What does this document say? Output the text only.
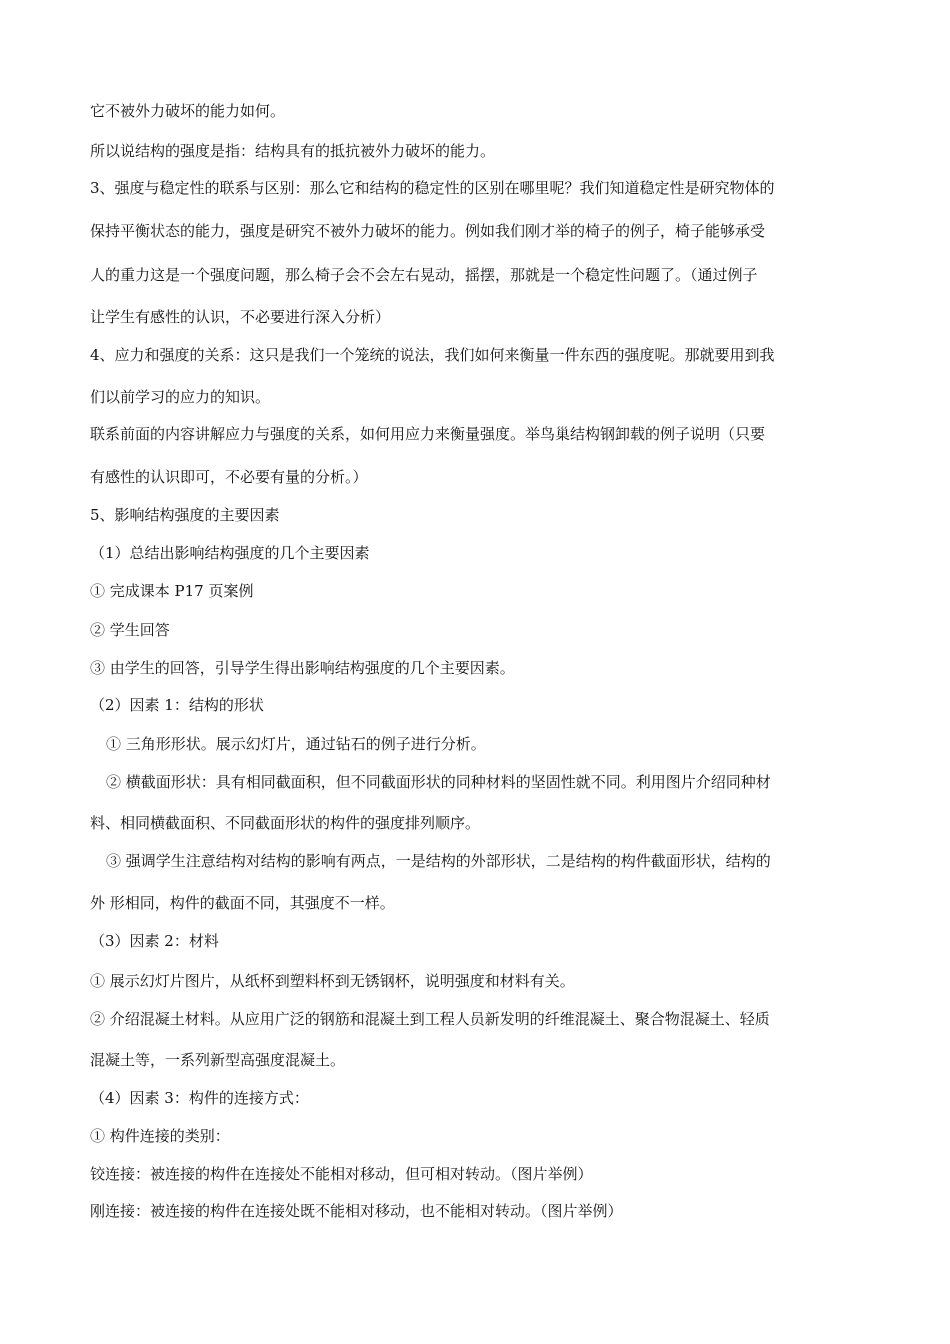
它不被外力破坏的能力如何。
所以说结构的强度是指：结构具有的抵抗被外力破坏的能力。
3、强度与稳定性的联系与区别：那么它和结构的稳定性的区别在哪里呢？我们知道稳定性是研究物体的
保持平衡状态的能力，强度是研究不被外力破坏的能力。例如我们刚才举的椅子的例子，椅子能够承受
人的重力这是一个强度问题，那么椅子会不会左右晃动，摇摆，那就是一个稳定性问题了。（通过例子
让学生有感性的认识，不必要进行深入分析）
4、应力和强度的关系：这只是我们一个笼统的说法，我们如何来衡量一件东西的强度呢。那就要用到我
们以前学习的应力的知识。
联系前面的内容讲解应力与强度的关系，如何用应力来衡量强度。举鸟巢结构钢卸载的例子说明（只要
有感性的认识即可，不必要有量的分析。）
5、影响结构强度的主要因素
（1）总结出影响结构强度的几个主要因素
① 完成课本 P17 页案例
② 学生回答
③ 由学生的回答，引导学生得出影响结构强度的几个主要因素。
（2）因素 1：结构的形状
① 三角形形状。展示幻灯片，通过钻石的例子进行分析。
② 横截面形状：具有相同截面积，但不同截面形状的同种材料的坚固性就不同。利用图片介绍同种材
料、相同横截面积、不同截面形状的构件的强度排列顺序。
③ 强调学生注意结构对结构的影响有两点，一是结构的外部形状，二是结构的构件截面形状，结构的
外 形相同，构件的截面不同，其强度不一样。
（3）因素 2：材料
① 展示幻灯片图片，从纸杯到塑料杯到无锈钢杯，说明强度和材料有关。
② 介绍混凝土材料。从应用广泛的钢筋和混凝土到工程人员新发明的纤维混凝土、聚合物混凝土、轻质
混凝土等，一系列新型高强度混凝土。
（4）因素 3：构件的连接方式：
① 构件连接的类别：
铰连接：被连接的构件在连接处不能相对移动，但可相对转动。（图片举例）
刚连接：被连接的构件在连接处既不能相对移动，也不能相对转动。（图片举例）
